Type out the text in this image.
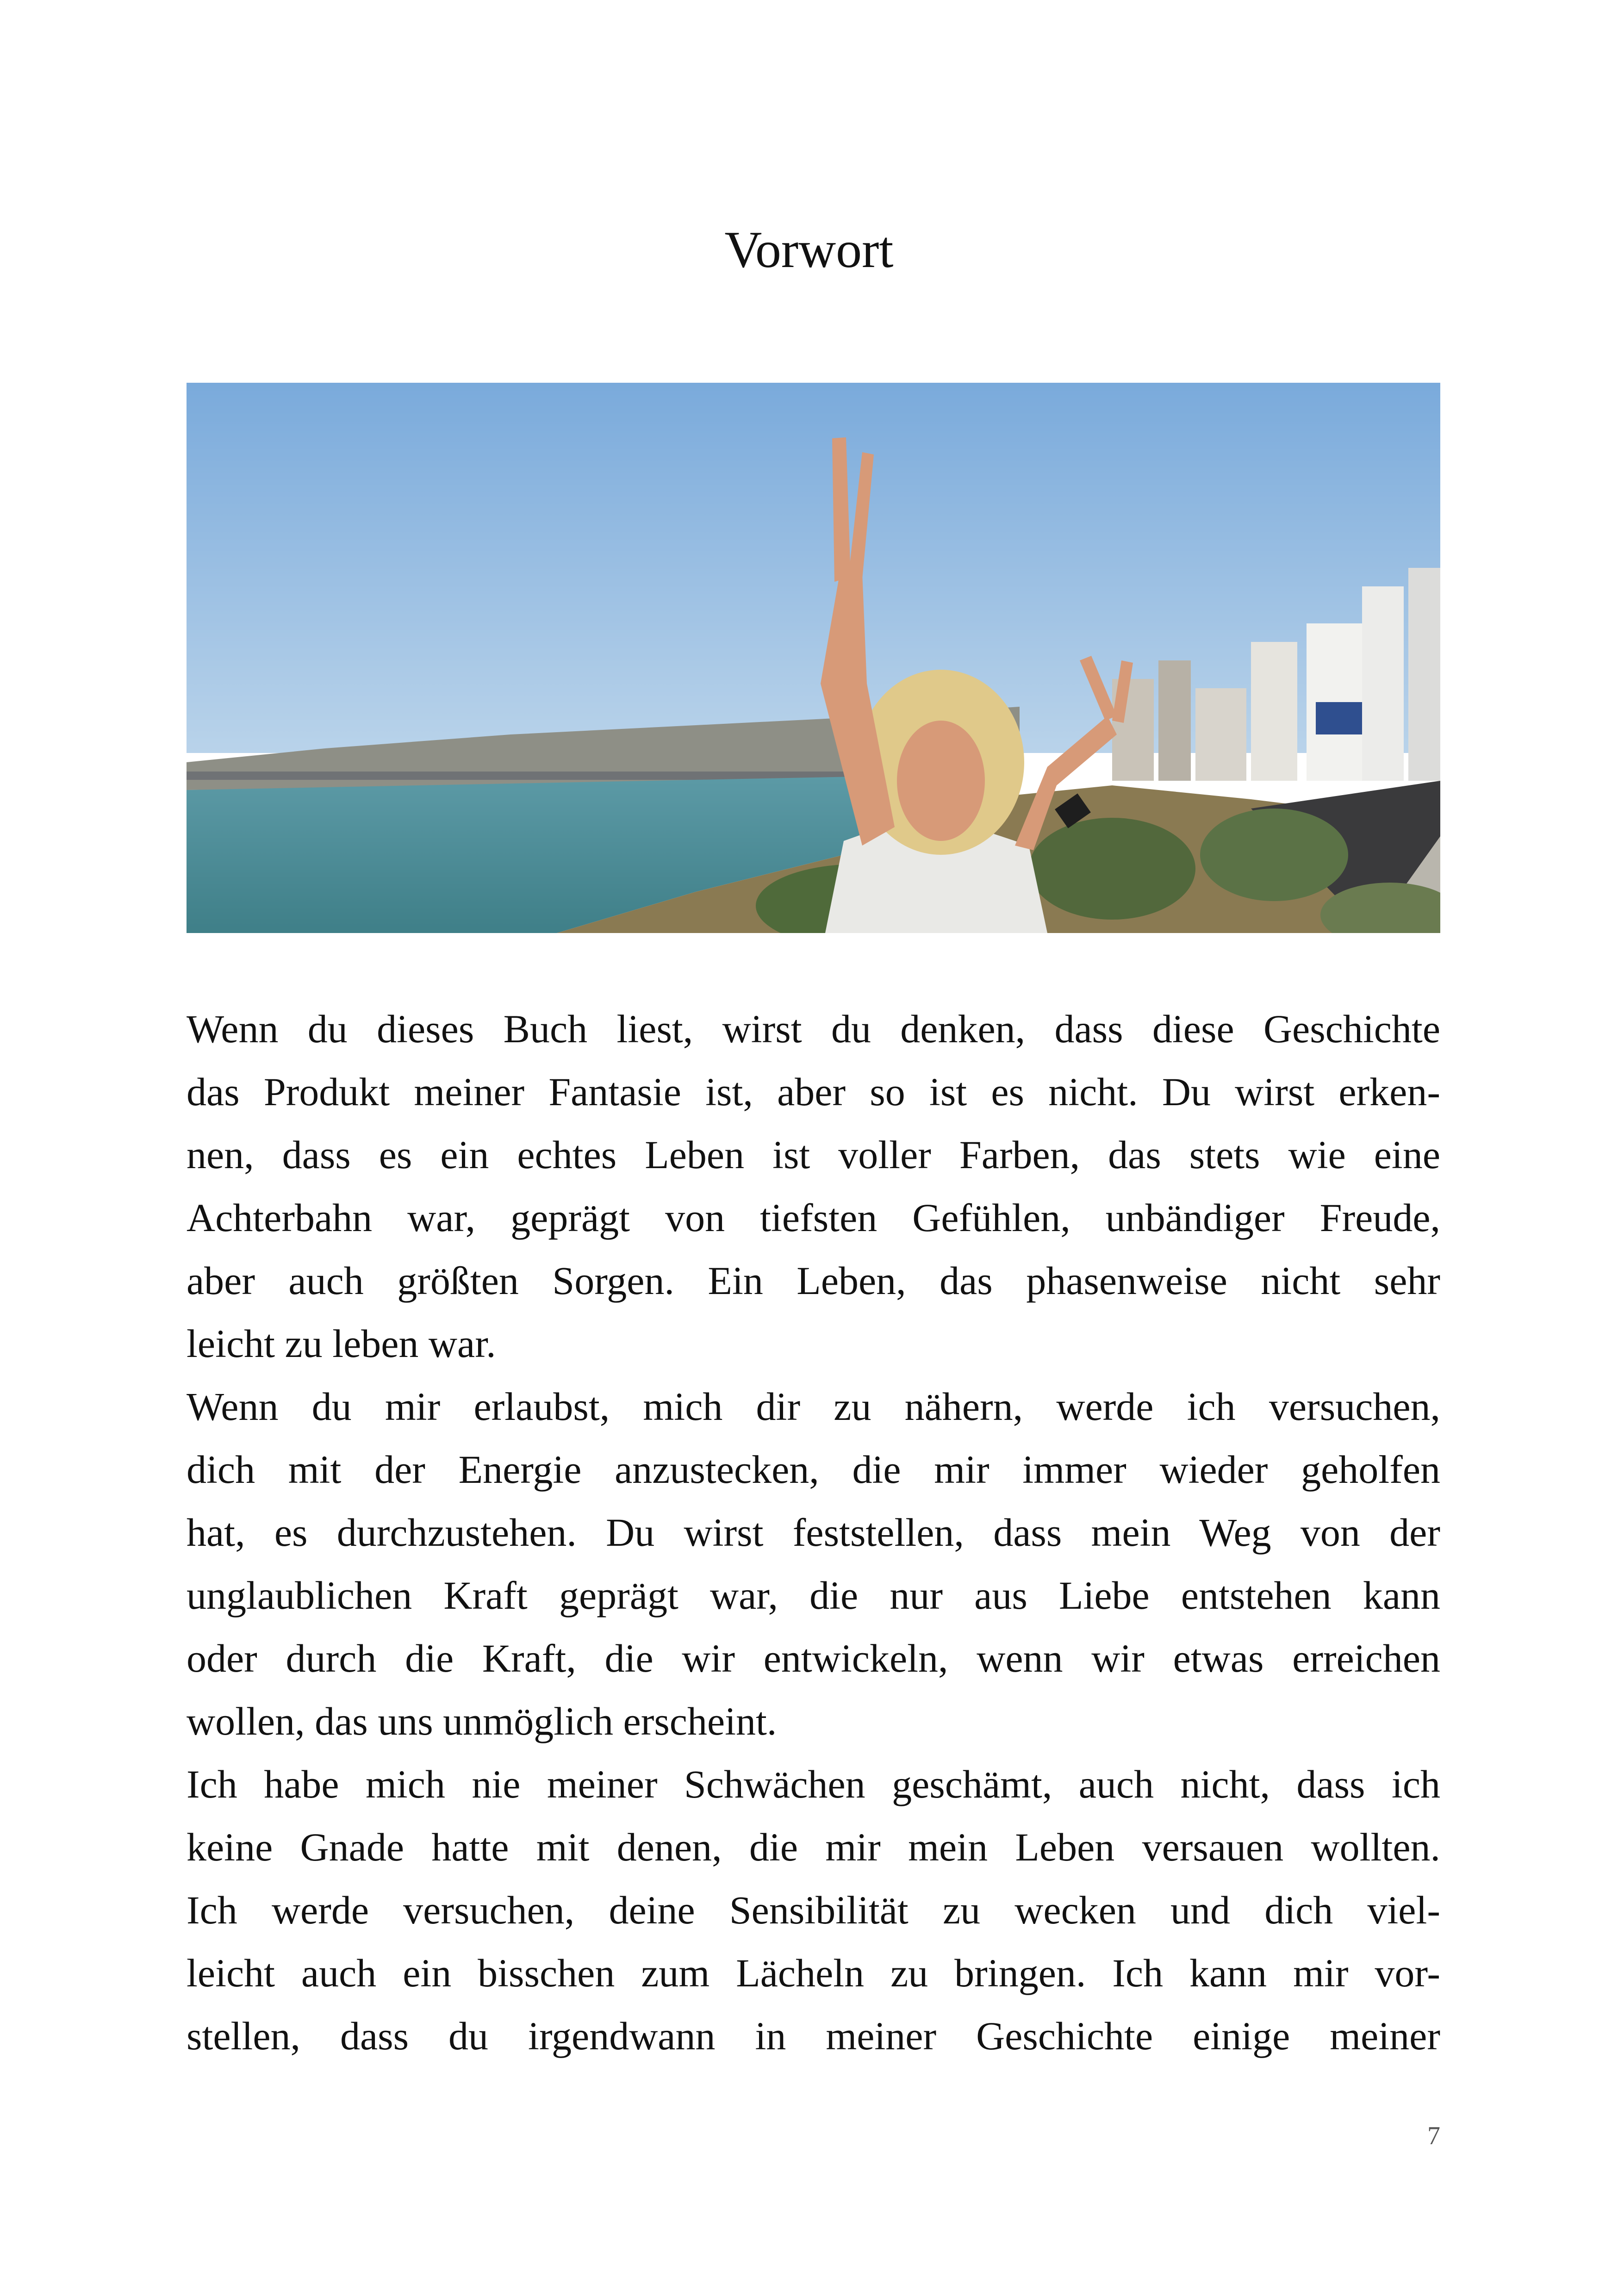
Vorwort

Wenn du dieses Buch liest, wirst du denken, dass diese Geschichte
das Produkt meiner Fantasie ist, aber so ist es nicht. Du wirst erken-
nen, dass es ein echtes Leben ist voller Farben, das stets wie eine
Achterbahn war, geprägt von tiefsten Gefühlen, unbändiger Freude,
aber auch größten Sorgen. Ein Leben, das phasenweise nicht sehr
leicht zu leben war.

Wenn du mir erlaubst, mich dir zu nähern, werde ich versuchen,
dich mit der Energie anzustecken, die mir immer wieder geholfen
hat, es durchzustehen. Du wirst feststellen, dass mein Weg von der
unglaublichen Kraft geprägt war, die nur aus Liebe entstehen kann
oder durch die Kraft, die wir entwickeln, wenn wir etwas erreichen
wollen, das uns unmöglich erscheint.

Ich habe mich nie meiner Schwächen geschämt, auch nicht, dass ich
keine Gnade hatte mit denen, die mir mein Leben versauen wollten.
Ich werde versuchen, deine Sensibilität zu wecken und dich viel-
leicht auch ein bisschen zum Lächeln zu bringen. Ich kann mir vor-
stellen, dass du irgendwann in meiner Geschichte einige meiner

7
